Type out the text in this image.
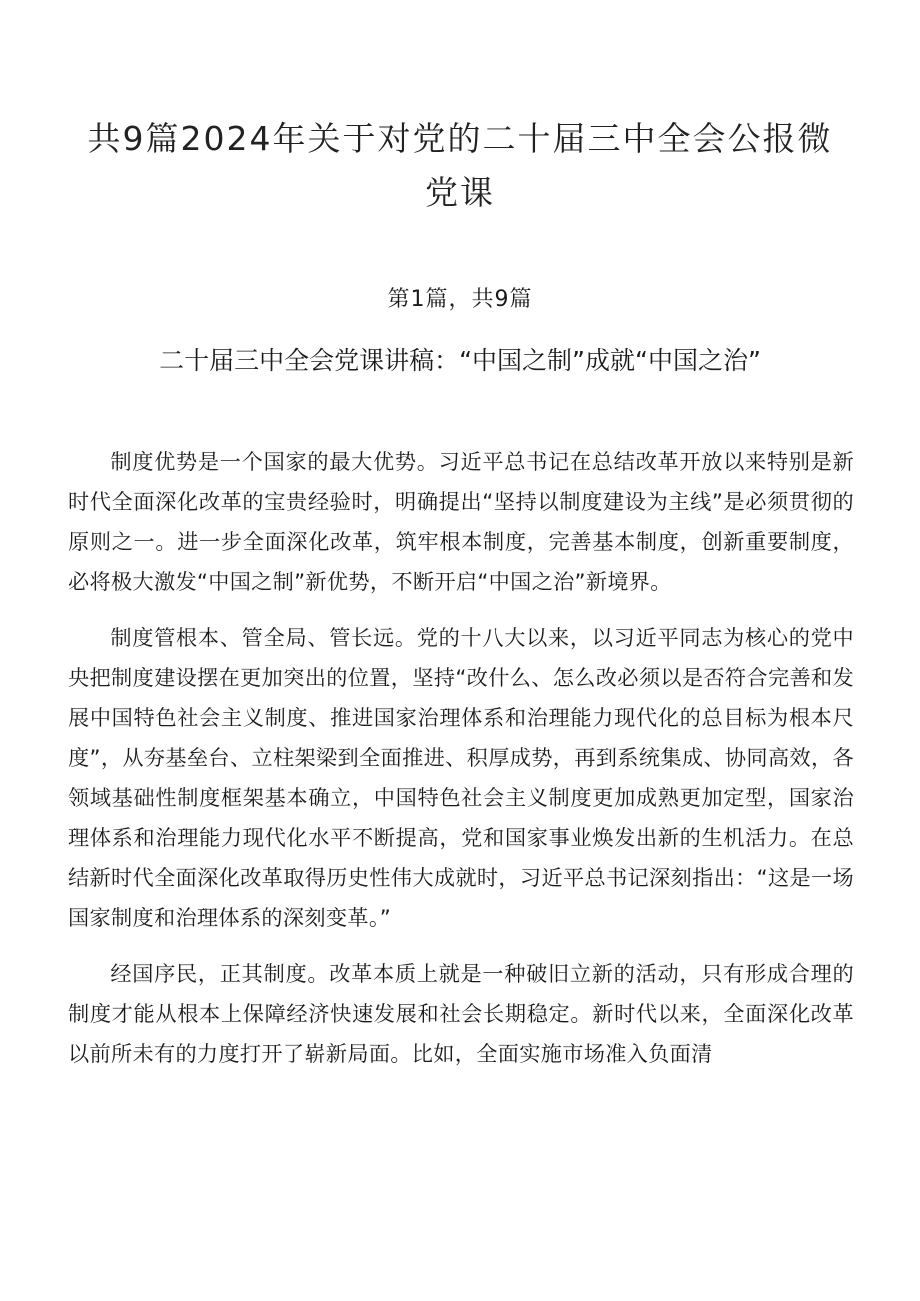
共9篇2024年关于对党的二十届三中全会公报微党课

第1篇，共9篇

二十届三中全会党课讲稿：“中国之制”成就“中国之治”

制度优势是一个国家的最大优势。习近平总书记在总结改革开放以来特别是新时代全面深化改革的宝贵经验时，明确提出“坚持以制度建设为主线”是必须贯彻的原则之一。进一步全面深化改革，筑牢根本制度，完善基本制度，创新重要制度，必将极大激发“中国之制”新优势，不断开启“中国之治”新境界。

制度管根本、管全局、管长远。党的十八大以来，以习近平同志为核心的党中央把制度建设摆在更加突出的位置，坚持“改什么、怎么改必须以是否符合完善和发展中国特色社会主义制度、推进国家治理体系和治理能力现代化的总目标为根本尺度”，从夯基垒台、立柱架梁到全面推进、积厚成势，再到系统集成、协同高效，各领域基础性制度框架基本确立，中国特色社会主义制度更加成熟更加定型，国家治理体系和治理能力现代化水平不断提高，党和国家事业焕发出新的生机活力。在总结新时代全面深化改革取得历史性伟大成就时，习近平总书记深刻指出：“这是一场国家制度和治理体系的深刻变革。”

经国序民，正其制度。改革本质上就是一种破旧立新的活动，只有形成合理的制度才能从根本上保障经济快速发展和社会长期稳定。新时代以来，全面深化改革以前所未有的力度打开了崭新局面。比如，全面实施市场准入负面清
